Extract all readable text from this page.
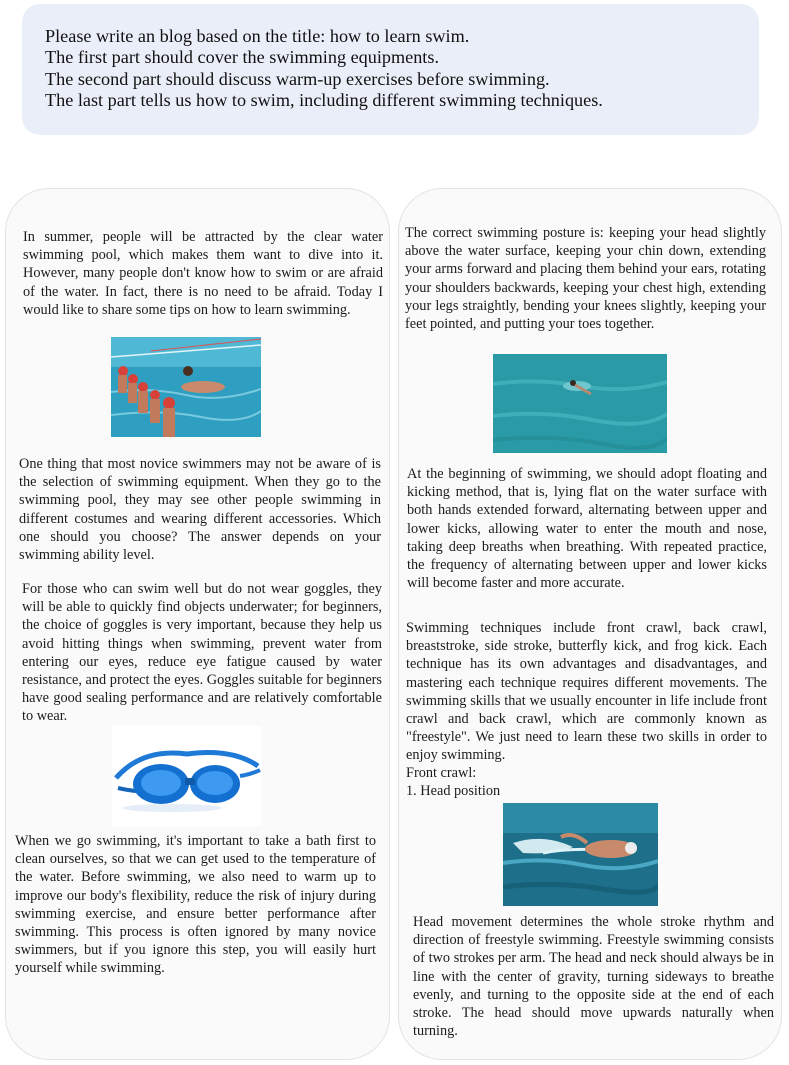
Please write an blog based on the title: how to learn swim.

The first part should cover the swimming equipments.

The second part should discuss warm-up exercises before swimming.

The last part tells us how to swim, including different swimming techniques.

In summer, people will be attracted by the clear water swimming pool, which makes them want to dive into it. However, many people don't know how to swim or are afraid of the water. In fact, there is no need to be afraid. Today I would like to share some tips on how to learn swimming.

One thing that most novice swimmers may not be aware of is the selection of swimming equipment. When they go to the swimming pool, they may see other people swimming in different costumes and wearing different accessories. Which one should you choose? The answer depends on your swimming ability level.

For those who can swim well but do not wear goggles, they will be able to quickly find objects underwater; for beginners, the choice of goggles is very important, because they help us avoid hitting things when swimming, prevent water from entering our eyes, reduce eye fatigue caused by water resistance, and protect the eyes. Goggles suitable for beginners have good sealing performance and are relatively comfortable to wear.

When we go swimming, it's important to take a bath first to clean ourselves, so that we can get used to the temperature of the water. Before swimming, we also need to warm up to improve our body's flexibility, reduce the risk of injury during swimming exercise, and ensure better performance after swimming. This process is often ignored by many novice swimmers, but if you ignore this step, you will easily hurt yourself while swimming.

The correct swimming posture is: keeping your head slightly above the water surface, keeping your chin down, extending your arms forward and placing them behind your ears, rotating your shoulders backwards, keeping your chest high, extending your legs straightly, bending your knees slightly, keeping your feet pointed, and putting your toes together.

At the beginning of swimming, we should adopt floating and kicking method, that is, lying flat on the water surface with both hands extended forward, alternating between upper and lower kicks, allowing water to enter the mouth and nose, taking deep breaths when breathing. With repeated practice, the frequency of alternating between upper and lower kicks will become faster and more accurate.

Swimming techniques include front crawl, back crawl, breaststroke, side stroke, butterfly kick, and frog kick. Each technique has its own advantages and disadvantages, and mastering each technique requires different movements. The swimming skills that we usually encounter in life include front crawl and back crawl, which are commonly known as "freestyle". We just need to learn these two skills in order to enjoy swimming.

Front crawl:

1. Head position

Head movement determines the whole stroke rhythm and direction of freestyle swimming. Freestyle swimming consists of two strokes per arm. The head and neck should always be in line with the center of gravity, turning sideways to breathe evenly, and turning to the opposite side at the end of each stroke. The head should move upwards naturally when turning.
